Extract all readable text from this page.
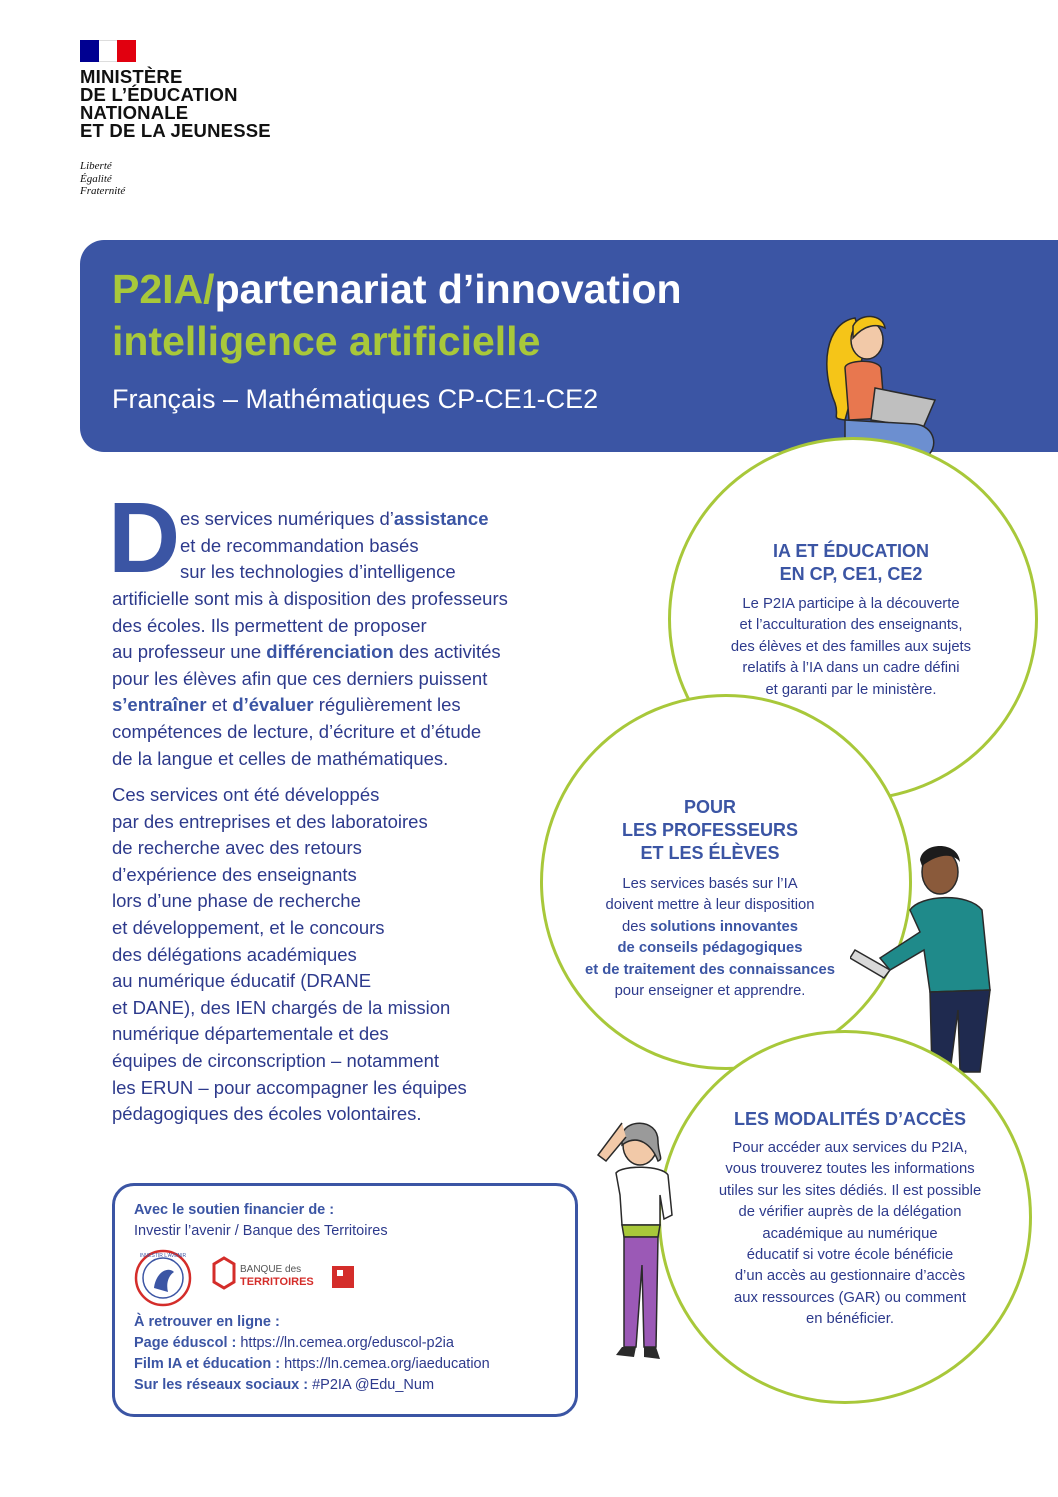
MINISTÈRE
DE L’ÉDUCATION
NATIONALE
ET DE LA JEUNESSE
Liberté
Égalité
Fraternité
P2IA/partenariat d’innovation
intelligence artificielle
Français – Mathématiques CP-CE1-CE2
D es services numériques d’assistance
et de recommandation basés
sur les technologies d’intelligence
artificielle sont mis à disposition des professeurs
des écoles. Ils permettent de proposer
au professeur une différenciation des activités
pour les élèves afin que ces derniers puissent
s’entraîner et d’évaluer régulièrement les
compétences de lecture, d’écriture et d’étude
de la langue et celles de mathématiques.
Ces services ont été développés
par des entreprises et des laboratoires
de recherche avec des retours
d’expérience des enseignants
lors d’une phase de recherche
et développement, et le concours
des délégations académiques
au numérique éducatif (DRANE
et DANE), des IEN chargés de la mission
numérique départementale et des
équipes de circonscription – notamment
les ERUN – pour accompagner les équipes
pédagogiques des écoles volontaires.
IA ET ÉDUCATION
EN CP, CE1, CE2
Le P2IA participe à la découverte
et l’acculturation des enseignants,
des élèves et des familles aux sujets
relatifs à l’IA dans un cadre défini
et garanti par le ministère.
POUR
LES PROFESSEURS
ET LES ÉLÈVES
Les services basés sur l’IA
doivent mettre à leur disposition
des solutions innovantes
de conseils pédagogiques
et de traitement des connaissances
pour enseigner et apprendre.
LES MODALITÉS D’ACCÈS
Pour accéder aux services du P2IA,
vous trouverez toutes les informations
utiles sur les sites dédiés. Il est possible
de vérifier auprès de la délégation
académique au numérique
éducatif si votre école bénéficie
d’un accès au gestionnaire d’accès
aux ressources (GAR) ou comment
en bénéficier.
Avec le soutien financier de :
Investir l’avenir / Banque des Territoires
INVESTIR L’AVENIR
BANQUE des
TERRITOIRES
À retrouver en ligne :
Page éduscol : https://ln.cemea.org/eduscol-p2ia
Film IA et éducation : https://ln.cemea.org/iaeducation
Sur les réseaux sociaux : #P2IA @Edu_Num
